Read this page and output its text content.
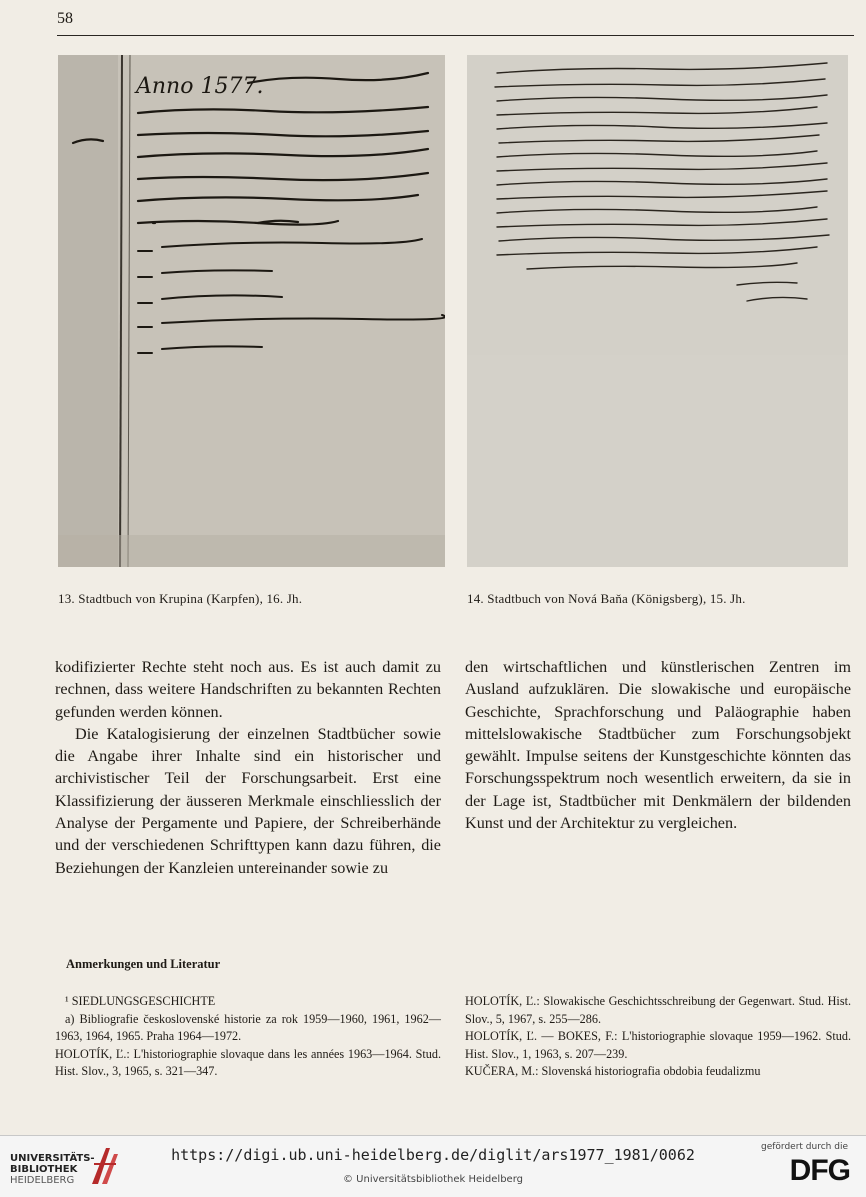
58
Anno 1577.
13. Stadtbuch von Krupina (Karpfen), 16. Jh.	14. Stadtbuch von Nová Baňa (Königsberg), 15. Jh.

kodifizierter Rechte steht noch aus. Es ist auch damit zu rechnen, dass weitere Handschriften zu bekannten Rechten gefunden werden können.

Die Katalogisierung der einzelnen Stadtbücher sowie die Angabe ihrer Inhalte sind ein historischer und archivistischer Teil der Forschungsarbeit. Erst eine Klassifizierung der äusseren Merkmale einschliesslich der Analyse der Pergamente und Papiere, der Schreiberhände und der verschiedenen Schrifttypen kann dazu führen, die Beziehungen der Kanzleien untereinander sowie zu

den wirtschaftlichen und künstlerischen Zentren im Ausland aufzuklären. Die slowakische und europäische Geschichte, Sprachforschung und Paläographie haben mittelslowakische Stadtbücher zum Forschungsobjekt gewählt. Impulse seitens der Kunstgeschichte könnten das Forschungsspektrum noch wesentlich erweitern, da sie in der Lage ist, Stadtbücher mit Denkmälern der bildenden Kunst und der Architektur zu vergleichen.

Anmerkungen und Literatur

¹ SIEDLUNGSGESCHICHTE

a) Bibliografie československé historie za rok 1959—1960, 1961, 1962—1963, 1964, 1965. Praha 1964—1972.

HOLOTÍK, Ľ.: L'historiographie slovaque dans les années 1963—1964. Stud. Hist. Slov., 3, 1965, s. 321—347.

HOLOTÍK, Ľ.: Slowakische Geschichtsschreibung der Gegenwart. Stud. Hist. Slov., 5, 1967, s. 255—286.

HOLOTÍK, Ľ. — BOKES, F.: L'historiographie slovaque 1959—1962. Stud. Hist. Slov., 1, 1963, s. 207—239.

KUČERA, M.: Slovenská historiografia obdobia feudalizmu

UNIVERSITÄTS-
BIBLIOTHEK
HEIDELBERG
https://digi.ub.uni-heidelberg.de/diglit/ars1977_1981/0062
© Universitätsbibliothek Heidelberg
gefördert durch die
DFG
